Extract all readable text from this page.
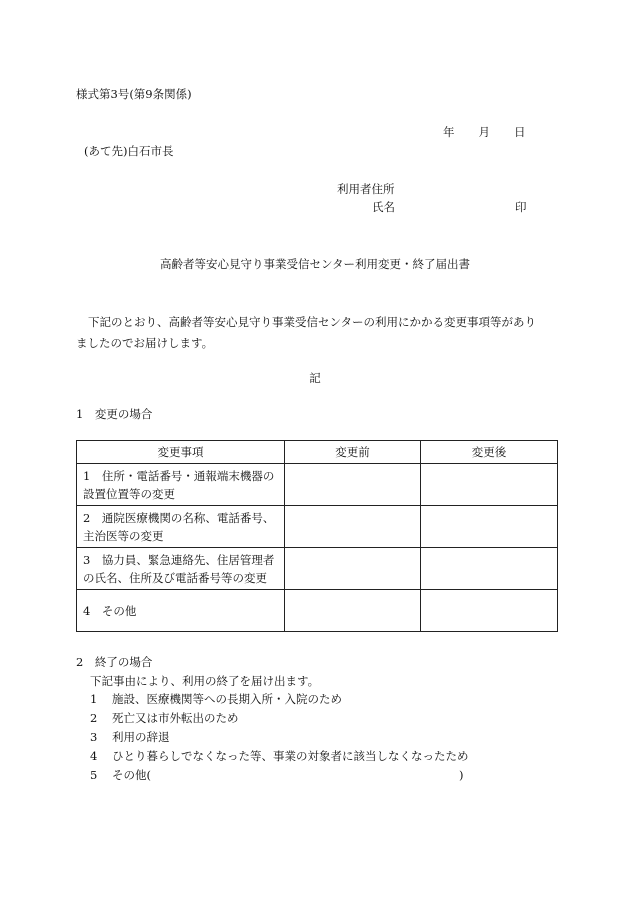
様式第3号(第9条関係)
年 月 日
(あて先)白石市長
利用者住所
氏名	印
高齢者等安心見守り事業受信センター利用変更・終了届出書

下記のとおり、高齢者等安心見守り事業受信センターの利用にかかる変更事項等があり

ましたのでお届けします。

記
1　変更の場合
変更事項	変更前	変更後

1　住所・電話番号・通報端末機器の
設置位置等の変更		

2　通院医療機関の名称、電話番号、
主治医等の変更		

3　協力員、緊急連絡先、住居管理者
の氏名、住所及び電話番号等の変更		

4　その他		

2　終了の場合
下記事由により、利用の終了を届け出ます。
1 施設、医療機関等への長期入所・入院のため
2 死亡又は市外転出のため
3 利用の辞退
4 ひとり暮らしでなくなった等、事業の対象者に該当しなくなったため
5 その他(	)
